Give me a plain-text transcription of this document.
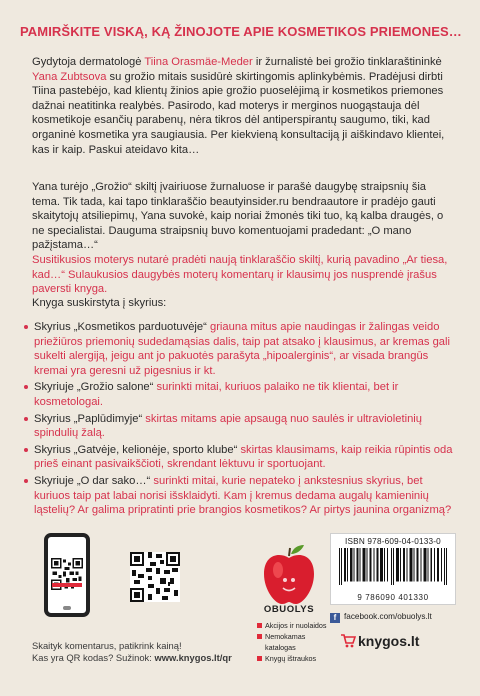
PAMIRŠKITE VISKĄ, KĄ ŽINOJOTE APIE KOSMETIKOS PRIEMONES…

Gydytoja dermatologė Tiina Orasmäe-Meder ir žurnalistė bei grožio tinklaraštininkė Yana Zubtsova su grožio mitais susidūrė skirtingomis aplinkybėmis. Pradėjusi dirbti Tiina pastebėjo, kad klientų žinios apie grožio puoselėjimą ir kosmetikos priemones dažnai neatitinka realybės. Pasirodo, kad moterys ir merginos nuogąstauja dėl kosmetikoje esančių parabenų, nėra tikros dėl antiperspirantų saugumo, tiki, kad organinė kosmetika yra saugiausia. Per kiekvieną konsultaciją ji aiškindavo klientei, kas ir kaip. Paskui ateidavo kita…

Yana turėjo „Grožio“ skiltį įvairiuose žurnaluose ir parašė daugybę straipsnių šia tema. Tik tada, kai tapo tinklaraščio beautyinsider.ru bendraautore ir pradėjo gauti skaitytojų atsiliepimų, Yana suvokė, kaip noriai žmonės tiki tuo, ką kalba draugės, o ne specialistai. Dauguma straipsnių buvo komentuojami pradedant: „O mano pažįstama…“

Susitikusios moterys nutarė pradėti naują tinklaraščio skiltį, kurią pavadino „Ar tiesa, kad…“ Sulaukusios daugybės moterų komentarų ir klausimų jos nusprendė įrašus paversti knyga.

Knyga suskirstyta į skyrius:

Skyrius „Kosmetikos parduotuvėje“ griauna mitus apie naudingas ir žalingas veido priežiūros priemonių sudedamąsias dalis, taip pat atsako į klausimus, ar kremas gali sukelti alergiją, jeigu ant jo pakuotės parašyta „hipoalerginis“, ar visada brangūs kremai yra geresni už pigesnius ir kt.
Skyriuje „Grožio salone“ surinkti mitai, kuriuos palaiko ne tik klientai, bet ir kosmetologai.
Skyrius „Paplūdimyje“ skirtas mitams apie apsaugą nuo saulės ir ultravioletinių spindulių žalą.
Skyrius „Gatvėje, kelionėje, sporto klube“ skirtas klausimams, kaip reikia rūpintis oda prieš einant pasivaikščioti, skrendant lėktuvu ir sportuojant.
Skyriuje „O dar sako…“ surinkti mitai, kurie nepateko į ankstesnius skyrius, bet kuriuos taip pat labai norisi išsklaidyti. Kam į kremus dedama augalų kamieninių ląstelių? Ar galima pripratinti prie brangios kosmetikos? Ar pirtys jaunina organizmą?
Skaityk komentarus, patikrink kainą!
Kas yra QR kodas? Sužinok: www.knygos.lt/qr
OBUOLYS
ISBN 978-609-04-0133-0
9 786090 401330
f facebook.com/obuolys.lt
Akcijos ir nuolaidos
Nemokamas katalogas
Knygų ištraukos
knygos.lt
